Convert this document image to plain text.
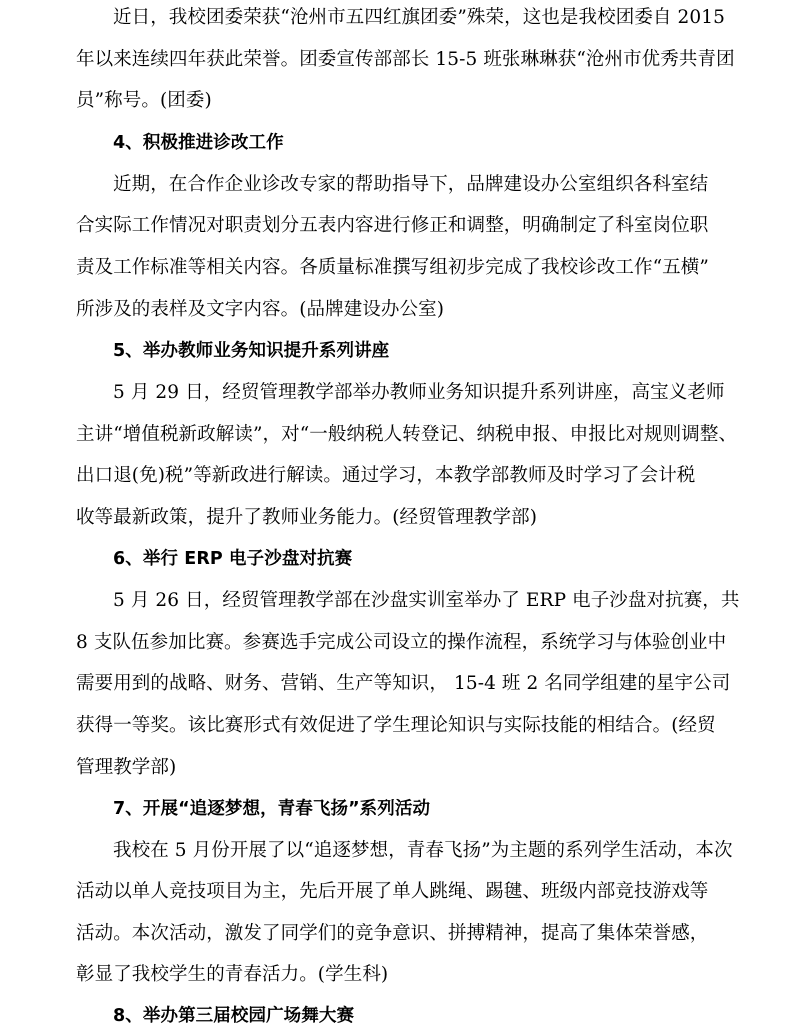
近日，我校团委荣获“沧州市五四红旗团委”殊荣，这也是我校团委自 2015
年以来连续四年获此荣誉。团委宣传部部长 15-5 班张琳琳获“沧州市优秀共青团
员”称号。(团委)
4、积极推进诊改工作
近期，在合作企业诊改专家的帮助指导下，品牌建设办公室组织各科室结
合实际工作情况对职责划分五表内容进行修正和调整，明确制定了科室岗位职
责及工作标准等相关内容。各质量标准撰写组初步完成了我校诊改工作“五横”
所涉及的表样及文字内容。(品牌建设办公室)
5、举办教师业务知识提升系列讲座
5 月 29 日，经贸管理教学部举办教师业务知识提升系列讲座，高宝义老师
主讲“增值税新政解读”，对“一般纳税人转登记、纳税申报、申报比对规则调整、
出口退(免)税”等新政进行解读。通过学习，本教学部教师及时学习了会计税
收等最新政策，提升了教师业务能力。(经贸管理教学部)
6、举行 ERP 电子沙盘对抗赛
5 月 26 日，经贸管理教学部在沙盘实训室举办了 ERP 电子沙盘对抗赛，共
8 支队伍参加比赛。参赛选手完成公司设立的操作流程，系统学习与体验创业中
需要用到的战略、财务、营销、生产等知识， 15-4 班 2 名同学组建的星宇公司
获得一等奖。该比赛形式有效促进了学生理论知识与实际技能的相结合。(经贸
管理教学部)
7、开展“追逐梦想，青春飞扬”系列活动
我校在 5 月份开展了以“追逐梦想，青春飞扬”为主题的系列学生活动，本次
活动以单人竞技项目为主，先后开展了单人跳绳、踢毽、班级内部竞技游戏等
活动。本次活动，激发了同学们的竞争意识、拼搏精神，提高了集体荣誉感，
彰显了我校学生的青春活力。(学生科)
8、举办第三届校园广场舞大赛
